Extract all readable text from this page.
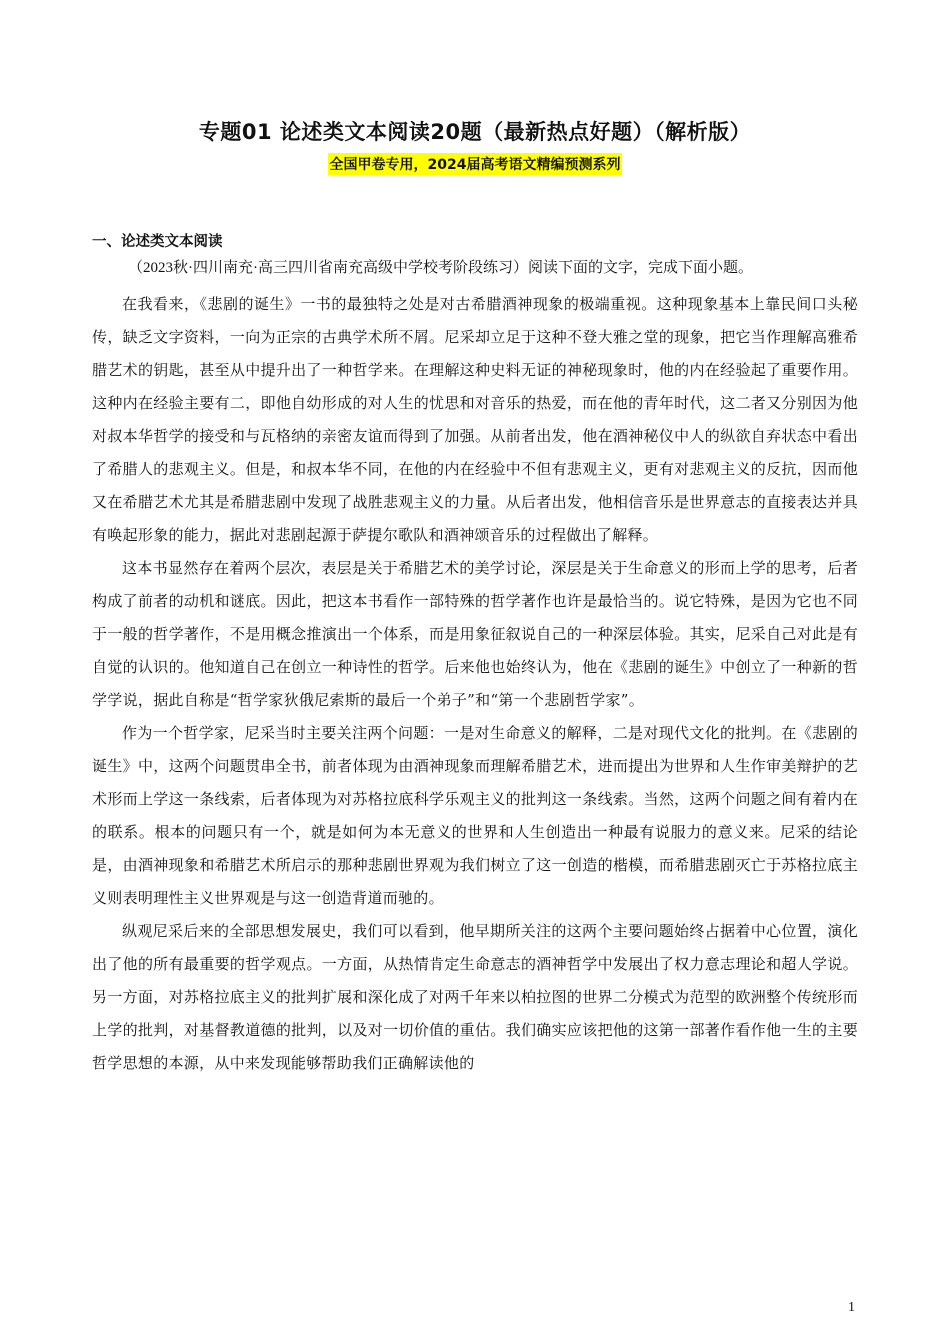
专题01 论述类文本阅读20题（最新热点好题）（解析版）
全国甲卷专用，2024届高考语文精编预测系列
一、论述类文本阅读
（2023秋·四川南充·高三四川省南充高级中学校考阶段练习）阅读下面的文字，完成下面小题。

在我看来，《悲剧的诞生》一书的最独特之处是对古希腊酒神现象的极端重视。这种现象基本上靠民间口头秘传，缺乏文字资料，一向为正宗的古典学术所不屑。尼采却立足于这种不登大雅之堂的现象，把它当作理解高雅希腊艺术的钥匙，甚至从中提升出了一种哲学来。在理解这种史料无证的神秘现象时，他的内在经验起了重要作用。这种内在经验主要有二，即他自幼形成的对人生的忧思和对音乐的热爱，而在他的青年时代，这二者又分别因为他对叔本华哲学的接受和与瓦格纳的亲密友谊而得到了加强。从前者出发，他在酒神秘仪中人的纵欲自弃状态中看出了希腊人的悲观主义。但是，和叔本华不同，在他的内在经验中不但有悲观主义，更有对悲观主义的反抗，因而他又在希腊艺术尤其是希腊悲剧中发现了战胜悲观主义的力量。从后者出发，他相信音乐是世界意志的直接表达并具有唤起形象的能力，据此对悲剧起源于萨提尔歌队和酒神颂音乐的过程做出了解释。

这本书显然存在着两个层次，表层是关于希腊艺术的美学讨论，深层是关于生命意义的形而上学的思考，后者构成了前者的动机和谜底。因此，把这本书看作一部特殊的哲学著作也许是最恰当的。说它特殊，是因为它也不同于一般的哲学著作，不是用概念推演出一个体系，而是用象征叙说自己的一种深层体验。其实，尼采自己对此是有自觉的认识的。他知道自己在创立一种诗性的哲学。后来他也始终认为，他在《悲剧的诞生》中创立了一种新的哲学学说，据此自称是“哲学家狄俄尼索斯的最后一个弟子”和“第一个悲剧哲学家”。

作为一个哲学家，尼采当时主要关注两个问题：一是对生命意义的解释，二是对现代文化的批判。在《悲剧的诞生》中，这两个问题贯串全书，前者体现为由酒神现象而理解希腊艺术，进而提出为世界和人生作审美辩护的艺术形而上学这一条线索，后者体现为对苏格拉底科学乐观主义的批判这一条线索。当然，这两个问题之间有着内在的联系。根本的问题只有一个，就是如何为本无意义的世界和人生创造出一种最有说服力的意义来。尼采的结论是，由酒神现象和希腊艺术所启示的那种悲剧世界观为我们树立了这一创造的楷模，而希腊悲剧灭亡于苏格拉底主义则表明理性主义世界观是与这一创造背道而驰的。

纵观尼采后来的全部思想发展史，我们可以看到，他早期所关注的这两个主要问题始终占据着中心位置，演化出了他的所有最重要的哲学观点。一方面，从热情肯定生命意志的酒神哲学中发展出了权力意志理论和超人学说。另一方面，对苏格拉底主义的批判扩展和深化成了对两千年来以柏拉图的世界二分模式为范型的欧洲整个传统形而上学的批判，对基督教道德的批判，以及对一切价值的重估。我们确实应该把他的这第一部著作看作他一生的主要哲学思想的本源，从中来发现能够帮助我们正确解读他的

1
